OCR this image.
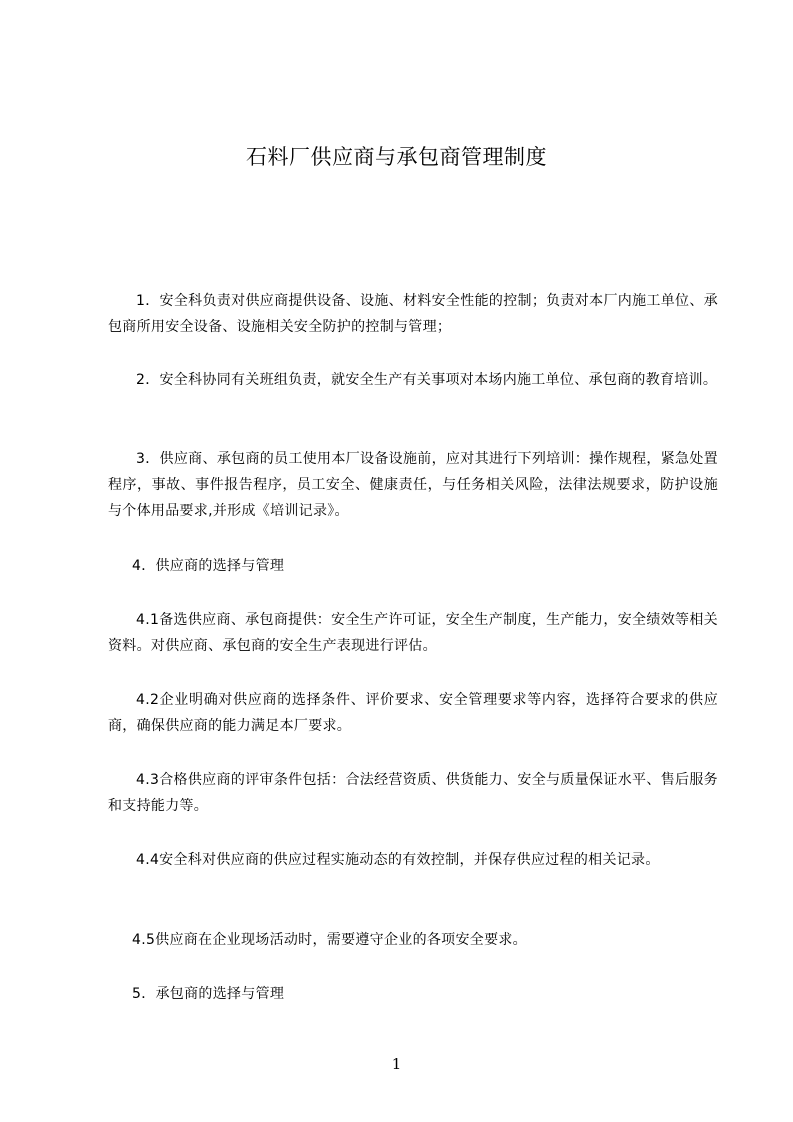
石料厂供应商与承包商管理制度

1．安全科负责对供应商提供设备、设施、材料安全性能的控制；负责对本厂内施工单位、承包商所用安全设备、设施相关安全防护的控制与管理；

2．安全科协同有关班组负责，就安全生产有关事项对本场内施工单位、承包商的教育培训。

3．供应商、承包商的员工使用本厂设备设施前，应对其进行下列培训：操作规程，紧急处置程序，事故、事件报告程序，员工安全、健康责任，与任务相关风险，法律法规要求，防护设施与个体用品要求,并形成《培训记录》。

4．供应商的选择与管理

4.1备选供应商、承包商提供：安全生产许可证，安全生产制度，生产能力，安全绩效等相关资料。对供应商、承包商的安全生产表现进行评估。

4.2企业明确对供应商的选择条件、评价要求、安全管理要求等内容，选择符合要求的供应商，确保供应商的能力满足本厂要求。

4.3合格供应商的评审条件包括：合法经营资质、供货能力、安全与质量保证水平、售后服务和支持能力等。

4.4安全科对供应商的供应过程实施动态的有效控制，并保存供应过程的相关记录。

4.5供应商在企业现场活动时，需要遵守企业的各项安全要求。

5．承包商的选择与管理

1
